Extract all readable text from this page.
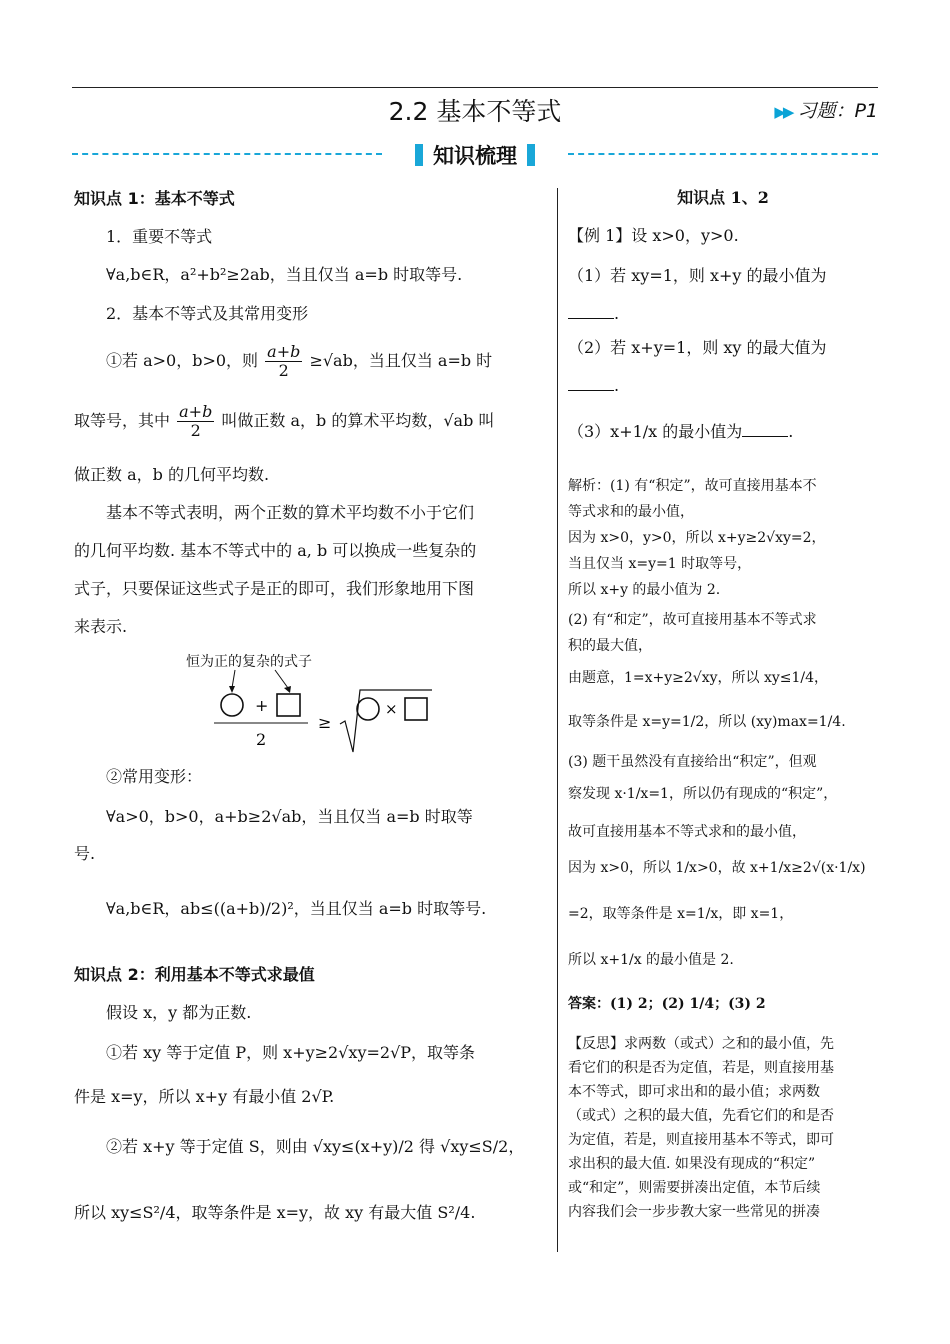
2.2 基本不等式	▶▶ 习题：P1
知识梳理
知识点 1：基本不等式
1．重要不等式
∀a,b∈R，a²+b²≥2ab，当且仅当 a=b 时取等号.
2．基本不等式及其常用变形
①若 a>0，b>0，则 $\frac{a+b}{2} \ge√ab$，当且仅当 a=b 时
取等号，其中 $\frac{a+b}{2}$ 叫做正数 a，b 的算术平均数，√ab 叫
做正数 a，b 的几何平均数.
基本不等式表明，两个正数的算术平均数不小于它们
的几何平均数. 基本不等式中的 a, b 可以换成一些复杂的
式子，只要保证这些式子是正的即可，我们形象地用下图
来表示.
恒为正的复杂的式子
+
2
≥
×
②常用变形：
∀a>0，b>0，a+b≥2√ab，当且仅当 a=b 时取等
号.
∀a,b∈R，ab≤((a+b)/2)²，当且仅当 a=b 时取等号.
知识点 2：利用基本不等式求最值
假设 x，y 都为正数.
①若 xy 等于定值 P，则 x+y≥2√xy=2√P，取等条
件是 x=y，所以 x+y 有最小值 2√P.
②若 x+y 等于定值 S，则由 √xy≤(x+y)/2 得 √xy≤S/2，
所以 xy≤S²/4，取等条件是 x=y，故 xy 有最大值 S²/4.
知识点 1、2
【例 1】设 x>0，y>0.
（1）若 xy=1，则 x+y 的最小值为
.
（2）若 x+y=1，则 xy 的最大值为
.
（3）x+1/x 的最小值为	.
解析：(1) 有“积定”，故可直接用基本不
等式求和的最小值，
因为 x>0，y>0，所以 x+y≥2√xy=2，
当且仅当 x=y=1 时取等号，
所以 x+y 的最小值为 2.
(2) 有“和定”，故可直接用基本不等式求
积的最大值，
由题意，1=x+y≥2√xy，所以 xy≤1/4，
取等条件是 x=y=1/2，所以 (xy)max=1/4.
(3) 题干虽然没有直接给出“积定”，但观
察发现 x·1/x=1，所以仍有现成的“积定”，
故可直接用基本不等式求和的最小值，
因为 x>0，所以 1/x>0，故 x+1/x≥2√(x·1/x)
=2，取等条件是 x=1/x，即 x=1，
所以 x+1/x 的最小值是 2.
答案：(1) 2；(2) 1/4；(3) 2
【反思】求两数（或式）之和的最小值，先
看它们的积是否为定值，若是，则直接用基
本不等式，即可求出和的最小值；求两数
（或式）之积的最大值，先看它们的和是否
为定值，若是，则直接用基本不等式，即可
求出积的最大值. 如果没有现成的“积定”
或“和定”，则需要拼凑出定值，本节后续
内容我们会一步步教大家一些常见的拼凑
